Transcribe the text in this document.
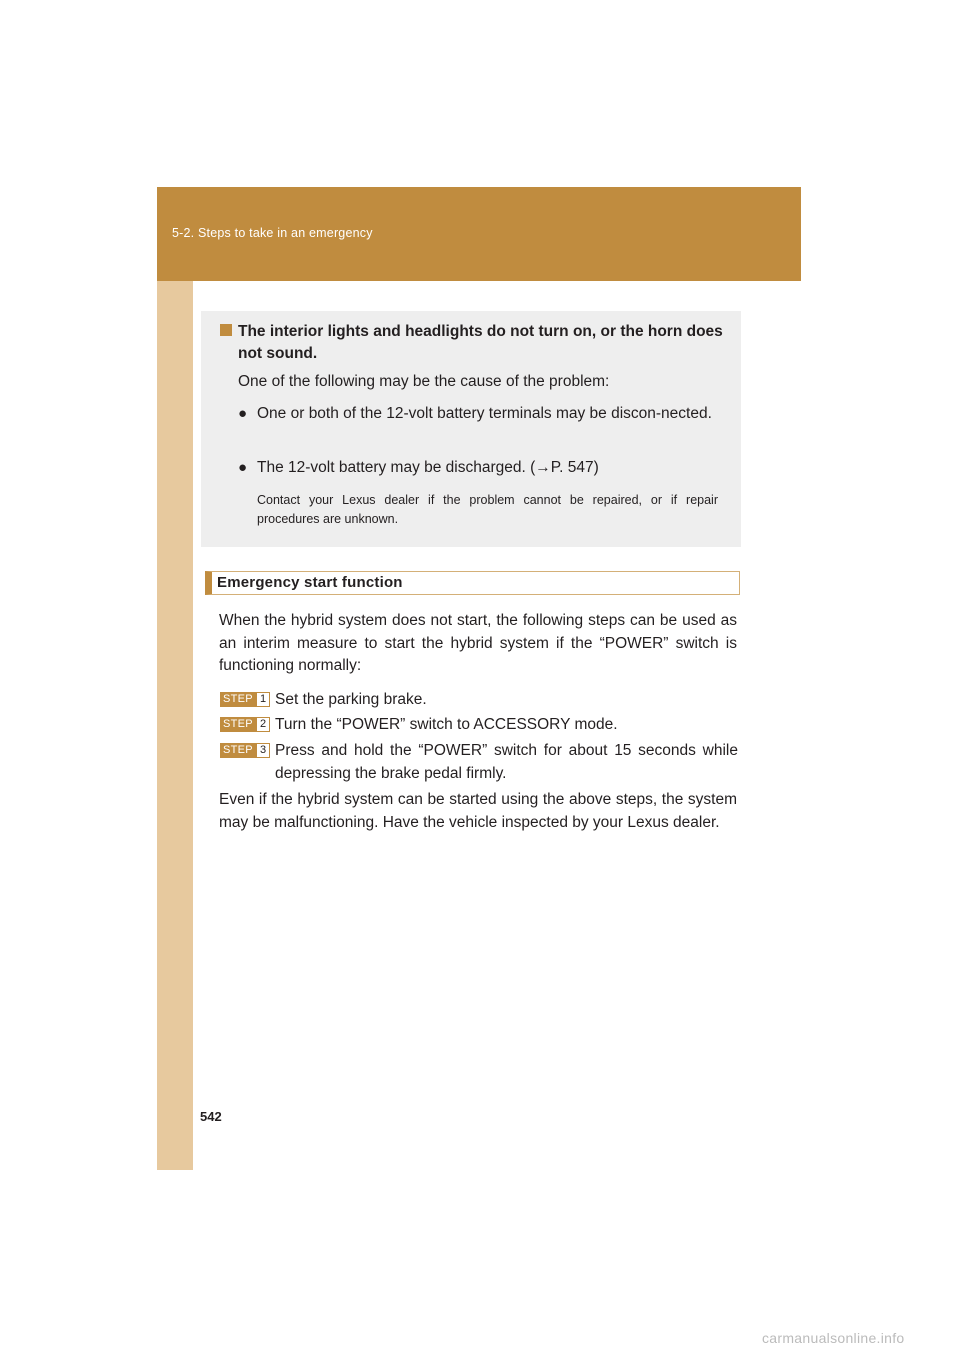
5-2. Steps to take in an emergency
The interior lights and headlights do not turn on, or the horn does
not sound.
One of the following may be the cause of the problem:
● One or both of the 12-volt battery terminals may be discon-nected.
● The 12-volt battery may be discharged. (→P. 547)
Contact your Lexus dealer if the problem cannot be repaired, or if repair procedures are unknown.
Emergency start function
When the hybrid system does not start, the following steps can be used as an interim measure to start the hybrid system if the “POWER” switch is functioning normally:
STEP 1 Set the parking brake.
STEP 2 Turn the “POWER” switch to ACCESSORY mode.
STEP 3 Press and hold the “POWER” switch for about 15 seconds while depressing the brake pedal firmly.
Even if the hybrid system can be started using the above steps, the system may be malfunctioning. Have the vehicle inspected by your Lexus dealer.
542
carmanualsonline.info
